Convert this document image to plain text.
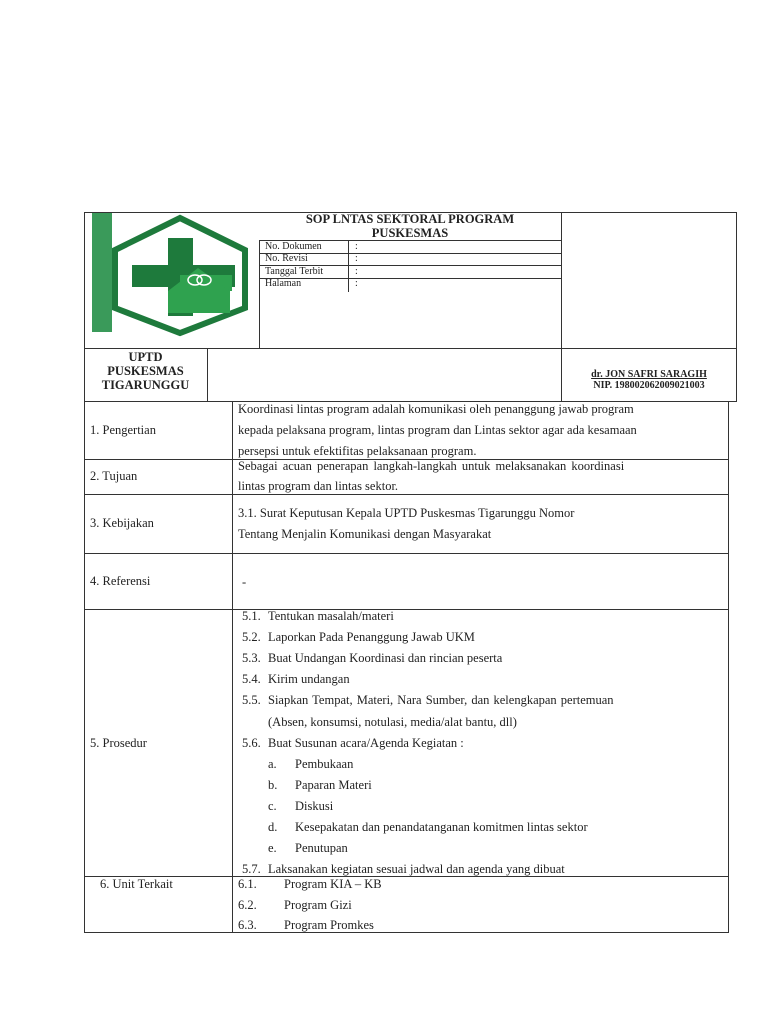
SOP LNTAS SEKTORAL PROGRAM
PUSKESMAS
No. Dokumen	:
No. Revisi	:
Tanggal Terbit	:
Halaman	:
UPTD
PUSKESMAS
TIGARUNGGU
dr. JON SAFRI SARAGIH
NIP. 198002062009021003
1. Pengertian
Koordinasi lintas program adalah komunikasi oleh penanggung jawab program
kepada pelaksana program, lintas program dan Lintas sektor agar ada kesamaan
persepsi untuk efektifitas pelaksanaan program.
2. Tujuan
Sebagai acuan penerapan langkah-langkah untuk melaksanakan koordinasi
lintas program dan lintas sektor.
3. Kebijakan
3.1. Surat Keputusan Kepala UPTD Puskesmas Tigarunggu Nomor
Tentang Menjalin Komunikasi dengan Masyarakat
4. Referensi	-
5. Prosedur
5.1. Tentukan masalah/materi
5.2. Laporkan Pada Penanggung Jawab UKM
5.3. Buat Undangan Koordinasi dan rincian peserta
5.4. Kirim undangan
5.5. Siapkan Tempat, Materi, Nara Sumber, dan kelengkapan pertemuan
(Absen, konsumsi, notulasi, media/alat bantu, dll)
5.6. Buat Susunan acara/Agenda Kegiatan :
a. Pembukaan
b. Paparan Materi
c. Diskusi
d. Kesepakatan dan penandatanganan komitmen lintas sektor
e. Penutupan
5.7. Laksanakan kegiatan sesuai jadwal dan agenda yang dibuat
6. Unit Terkait	6.1. Program KIA – KB
6.2. Program Gizi
6.3. Program Promkes
